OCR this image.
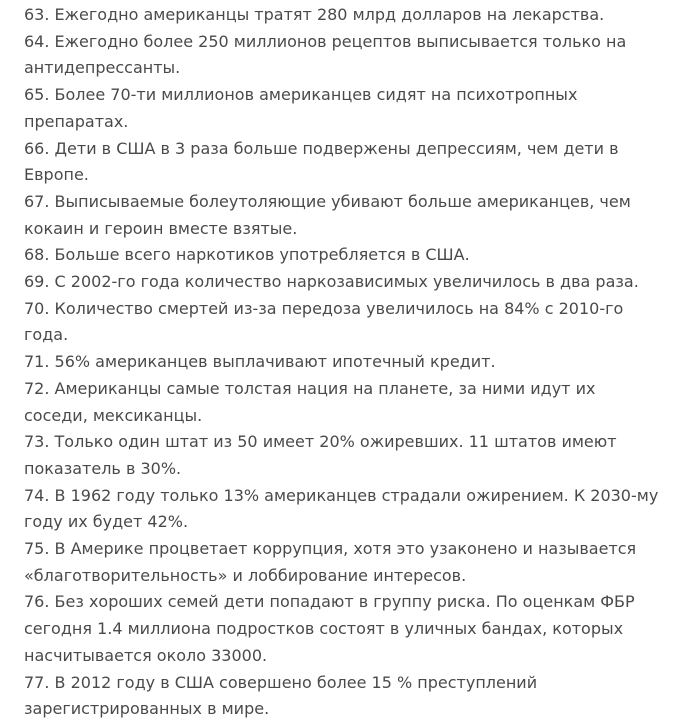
63. Ежегодно американцы тратят 280 млрд долларов на лекарства.

64. Ежегодно более 250 миллионов рецептов выписывается только на антидепрессанты.

65. Более 70-ти миллионов американцев сидят на психотропных препаратах.

66. Дети в США в 3 раза больше подвержены депрессиям, чем дети в Европе.

67. Выписываемые болеутоляющие убивают больше американцев, чем кокаин и героин вместе взятые.

68. Больше всего наркотиков употребляется в США.

69. С 2002-го года количество наркозависимых увеличилось в два раза.

70. Количество смертей из-за передоза увеличилось на 84% с 2010-го года.

71. 56% американцев выплачивают ипотечный кредит.

72. Американцы самые толстая нация на планете, за ними идут их соседи, мексиканцы.

73. Только один штат из 50 имеет 20% ожиревших. 11 штатов имеют показатель в 30%.

74. В 1962 году только 13% американцев страдали ожирением. К 2030-му году их будет 42%.

75. В Америке процветает коррупция, хотя это узаконено и называется «благотворительность» и лоббирование интересов.

76. Без хороших семей дети попадают в группу риска. По оценкам ФБР сегодня 1.4 миллиона подростков состоят в уличных бандах, которых насчитывается около 33000.

77. В 2012 году в США совершено более 15 % преступлений зарегистрированных в мире.
